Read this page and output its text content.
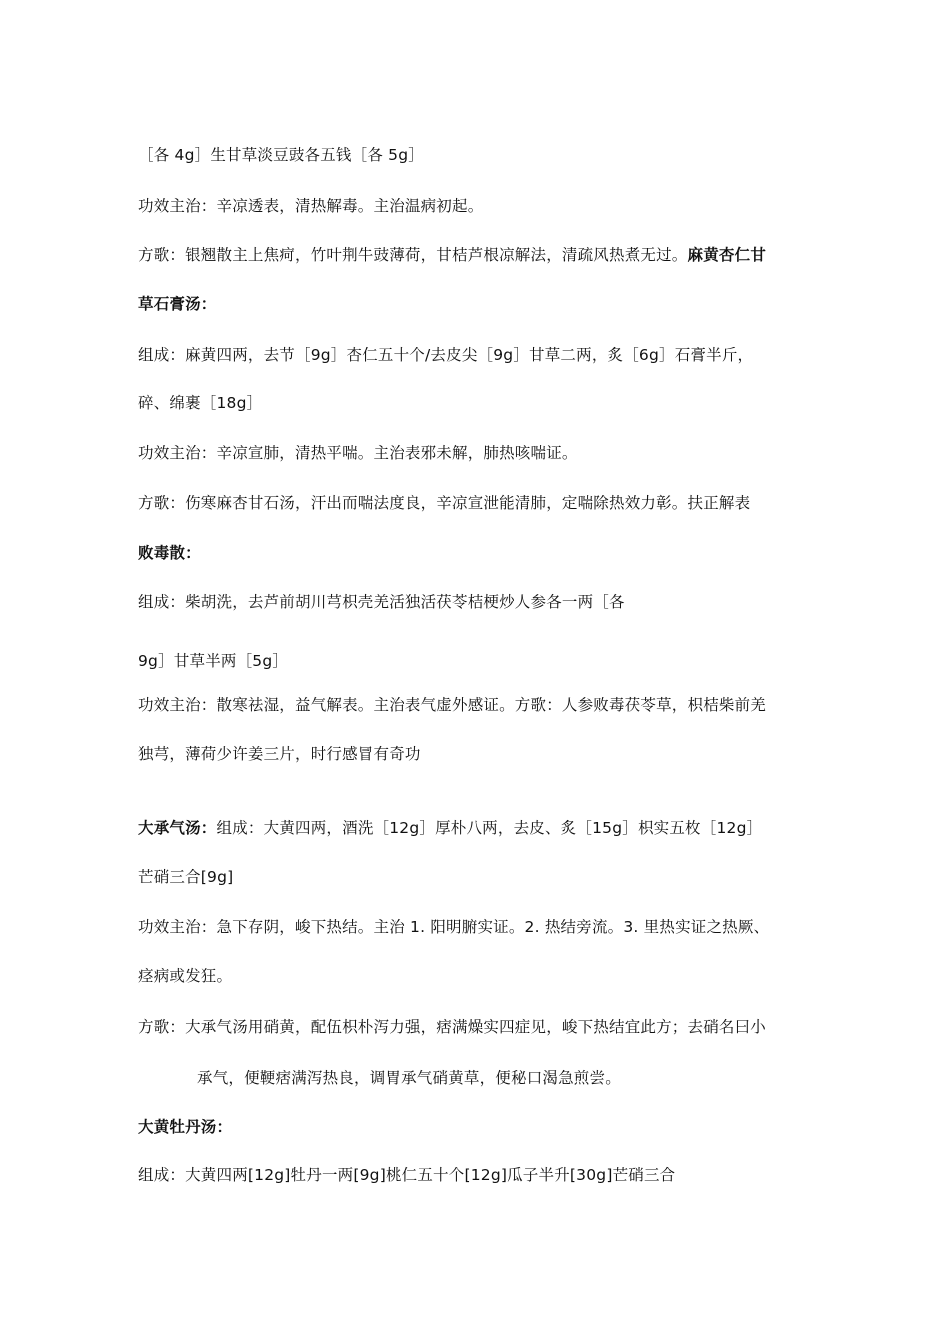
［各 4g］生甘草淡豆豉各五钱［各 5g］
功效主治：辛凉透表，清热解毒。主治温病初起。
方歌：银翘散主上焦疴，竹叶荆牛豉薄荷，甘桔芦根凉解法，清疏风热煮无过。麻黄杏仁甘
草石膏汤：
组成：麻黄四两，去节［9g］杏仁五十个/去皮尖［9g］甘草二两，炙［6g］石膏半斤，
碎、绵裹［18g］
功效主治：辛凉宣肺，清热平喘。主治表邪未解，肺热咳喘证。
方歌：伤寒麻杏甘石汤，汗出而喘法度良，辛凉宣泄能清肺，定喘除热效力彰。扶正解表
败毒散：
组成：柴胡洗，去芦前胡川芎枳壳羌活独活茯苓桔梗炒人参各一两［各
9g］甘草半两［5g］
功效主治：散寒祛湿，益气解表。主治表气虚外感证。方歌：人参败毒茯苓草，枳桔柴前羌
独芎，薄荷少许姜三片，时行感冒有奇功
大承气汤：组成：大黄四两，酒洗［12g］厚朴八两，去皮、炙［15g］枳实五枚［12g］
芒硝三合[9g]
功效主治：急下存阴，峻下热结。主治 1. 阳明腑实证。2. 热结旁流。3. 里热实证之热厥、
痉病或发狂。
方歌：大承气汤用硝黄，配伍枳朴泻力强，痞满燥实四症见，峻下热结宜此方；去硝名曰小
承气，便鞕痞满泻热良，调胃承气硝黄草，便秘口渴急煎尝。
大黄牡丹汤：
组成：大黄四两[12g]牡丹一两[9g]桃仁五十个[12g]瓜子半升[30g]芒硝三合
